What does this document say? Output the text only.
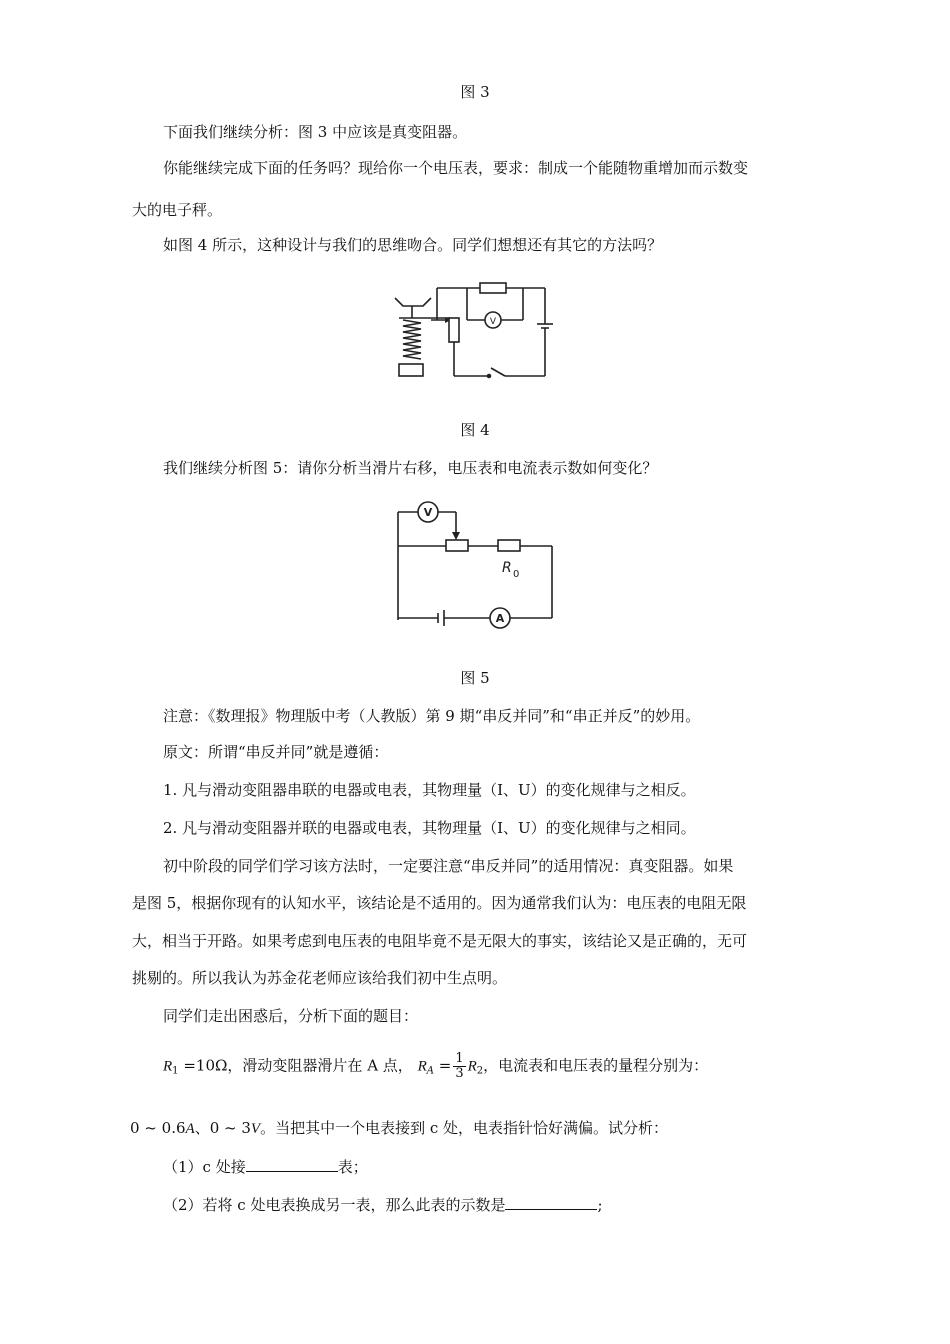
图 3
下面我们继续分析：图 3 中应该是真变阻器。
你能继续完成下面的任务吗？现给你一个电压表，要求：制成一个能随物重增加而示数变
大的电子秤。
如图 4 所示，这种设计与我们的思维吻合。同学们想想还有其它的方法吗？
V
图 4
我们继续分析图 5：请你分析当滑片右移，电压表和电流表示数如何变化？
V
A
R 0
图 5
注意：《数理报》物理版中考（人教版）第 9 期“串反并同”和“串正并反”的妙用。
原文：所谓“串反并同”就是遵循：
1. 凡与滑动变阻器串联的电器或电表，其物理量（I、U）的变化规律与之相反。
2. 凡与滑动变阻器并联的电器或电表，其物理量（I、U）的变化规律与之相同。
初中阶段的同学们学习该方法时，一定要注意“串反并同”的适用情况：真变阻器。如果
是图 5，根据你现有的认知水平，该结论是不适用的。因为通常我们认为：电压表的电阻无限
大，相当于开路。如果考虑到电压表的电阻毕竟不是无限大的事实，该结论又是正确的，无可
挑剔的。所以我认为苏金花老师应该给我们初中生点明。
同学们走出困惑后，分析下面的题目：
$R_1 =10\Omega$，滑动变阻器滑片在 A 点， $R_A = \frac{1}{3} R_2$，电流表和电压表的量程分别为：
0 ~ 0.6A、0 ~ 3V。当把其中一个电表接到 c 处，电表指针恰好满偏。试分析：
（1）c 处接	表；
（2）若将 c 处电表换成另一表，那么此表的示数是	;
